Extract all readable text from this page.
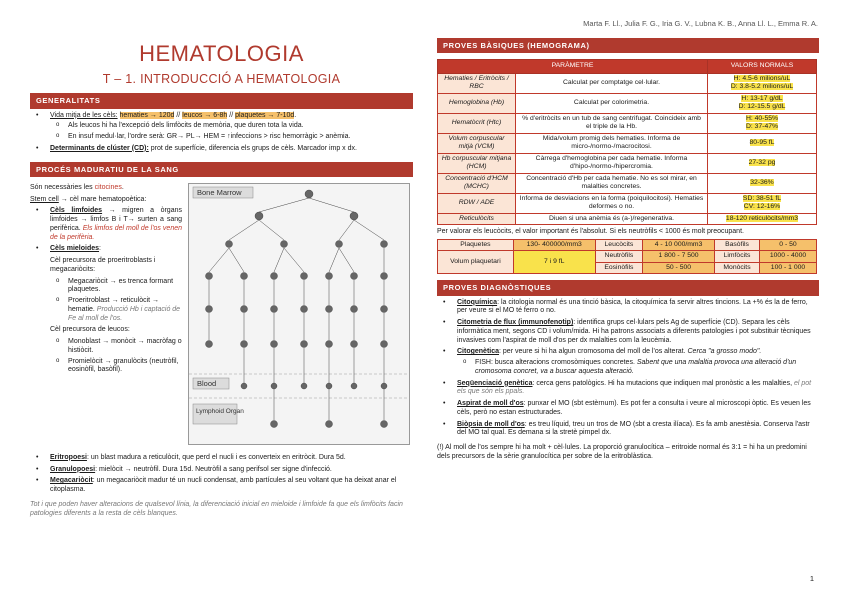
Marta F. Ll., Julia F. G., Iria G. V., Lubna K. B., Anna Ll. L., Emma R. A.
HEMATOLOGIA
T – 1. INTRODUCCIÓ A HEMATOLOGIA
GENERALITATS
• Vida mitja de les cèls: hematies → 120d // leucos → 6-8h // plaquetes → 7-10d.
o Als leucos hi ha l'excepció dels limfòcits de memòria, que duren tota la vida.
o En insuf medul·lar, l'ordre serà: GR→ PL→ HEM = ↑infeccions > risc hemorràgic > anèmia.
• Determinants de clúster (CD): prot de superfície, diferencia els grups de cèls. Marcador imp x dx.
PROCÉS MADURATIU DE LA SANG

Són necessàries les citocines.

Stem cell → cèl mare hematopoètica:

• Cèls limfoides → migren a òrgans limfoides → limfos B i T→ surten a sang perifèrica. Els limfos del moll de l'os venen de la perifèria.
• Cèls mieloides:

Cèl precursora de proeritroblasts i megacariòcits:

o Megacariòcit → es trenca formant plaquetes.
o Proeritroblast → reticulòcit → hematie. Producció Hb i captació de Fe al moll de l'os.

Cèl precursora de leucos:

o Monoblast → monòcit → macròfag o histiòcit.
o Promielòcit → granulòcits (neutròfil, eosinòfil, basòfil).
Bone Marrow
Blood
Lymphoid Organ
• Eritropoesi: un blast madura a reticulòcit, que perd el nucli i es converteix en eritròcit. Dura 5d.
• Granulopoesi: mielòcit → neutròfil. Dura 15d. Neutròfil a sang perifsol ser signe d'infecció.
• Megacariòcit: un megacariòcit madur té un nucli condensat, amb partícules al seu voltant que ha deixat anar el citoplasma.

Tot i que poden haver alteracions de qualsevol línia, la diferenciació inicial en mieloide i limfoide fa que els limfòcits facin patologies diferents a la resta de cèls blanques.

PROVES BÀSIQUES (HEMOGRAMA)
PARÀMETRE		VALORS NORMALS
Hematies / Eritròcits / RBC	Calculat per comptatge cel·lular.	H: 4.5-6 milions/uL
D: 3.8-5.2 milions/uL
Hemoglobina (Hb)	Calculat per colorimetria.	H: 13-17 g/dL
D: 12-15.5 g/dL
Hematòcrit (Htc)	% d'eritròcits en un tub de sang centrifugat. Coincideix amb el triple de la Hb.	H: 40-55%
D: 37-47%
Volum corpuscular mitjà (VCM)	Mida/volum promig dels hematies. Informa de micro-/normo-/macrocitosi.	80-95 fL
Hb corpuscular mitjana (HCM)	Càrrega d'hemoglobina per cada hematie. Informa d'hipo-/normo-/hipercromia.	27-32 pg
Concentració d'HCM (MCHC)	Concentració d'Hb per cada hematie. No es sol mirar, en malalties concretes.	32-36%
RDW / ADE	Informa de desviacions en la forma (poiquilocitosi). Hematies deformes o no.	SD: 38-51 fL
CV: 12-16%
Reticulòcits	Diuen si una anèmia és (a-)/regenerativa.	18-120 reticulòcits/mm3

Per valorar els leucòcits, el valor important és l'absolut. Si els neutròfils < 1000 és molt preocupant.

Plaquetes	130- 400000/mm3	Leucòcits	4 - 10 000/mm3	Basòfils	0 - 50
Volum plaquetari	7 i 9 fL	Neutròfils	1 800 - 7 500	Limfòcits	1000 - 4000
		Eosinòfils	50 - 500	Monòcits	100 - 1 000
PROVES DIAGNÒSTIQUES
• Citoquímica: la citologia normal és una tinció bàsica, la citoquímica fa servir altres tincions. La +% és la de ferro, per veure si el MO té ferro o no.
• Citometria de flux (immunofenotip): identifica grups cel·lulars pels Ag de superfície (CD). Separa les cèls informàtica ment, segons CD i volum/mida. Hi ha patrons associats a diferents patologies i pot substituir tècniques invasives com l'aspirat de moll d'os per dx malalties com la leucèmia.
• Citogenètica: per veure si hi ha algun cromosoma del moll de l'os alterat. Cerca "a grosso modo".
o FISH: busca alteracions cromosòmiques concretes. Sabent que una malaltia provoca una alteració d'un cromosoma concret, va a buscar aquesta alteració.
• Seqüenciació genètica: cerca gens patològics. Hi ha mutacions que indiquen mal pronòstic a les malalties, el pot els que són els ppals.
• Aspirat de moll d'os: punxar el MO (sbt estèrnum). Es pot fer a consulta i veure al microscopi òptic. Es veuen les cèls, però no estan estructurades.
• Biòpsia de moll d'os: es treu líquid, treu un tros de MO (sbt a cresta ilíaca). Es fa amb anestèsia. Conserva l'astr del MO tal qual. Es demana si la stretè pimpel dx.

(!) Al moll de l'os sempre hi ha molt + cèl·lules. La proporció granulocítica – eritroide normal és 3:1 = hi ha un predomini dels precursors de la sèrie granulocítica per sobre de la eritroblàstica.

1
